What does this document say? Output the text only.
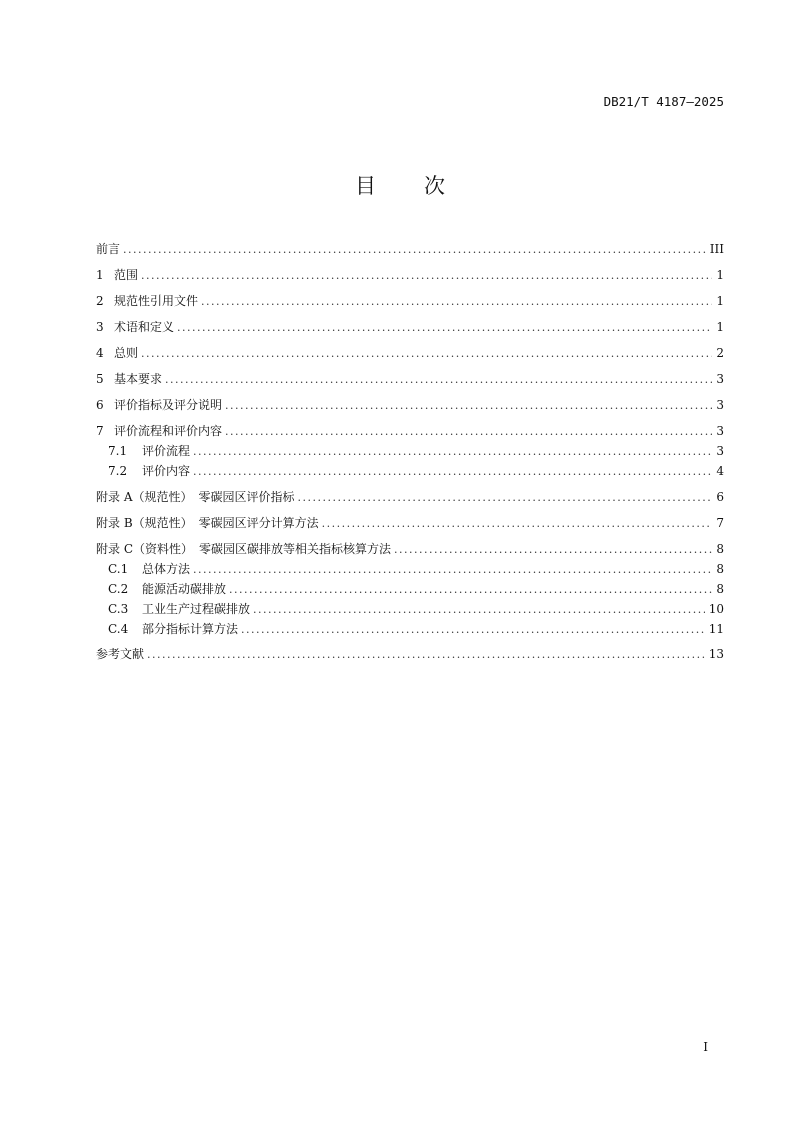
DB21/T 4187—2025
目 次
前言 .....	III
1 范围 .....	1
2 规范性引用文件 .....	1
3 术语和定义 .....	1
4 总则 .....	2
5 基本要求 .....	3
6 评价指标及评分说明 .....	3
7 评价流程和评价内容 .....	3
7.1	评价流程 .....	3
7.2	评价内容 .....	4
附录 A（规范性）　零碳园区评价指标 .....	6
附录 B（规范性）　零碳园区评分计算方法 .....	7
附录 C（资料性）　零碳园区碳排放等相关指标核算方法 .....	8
C.1	总体方法 .....	8
C.2	能源活动碳排放 .....	8
C.3	工业生产过程碳排放 .....	10
C.4	部分指标计算方法 .....	11
参考文献 .....	13
I
